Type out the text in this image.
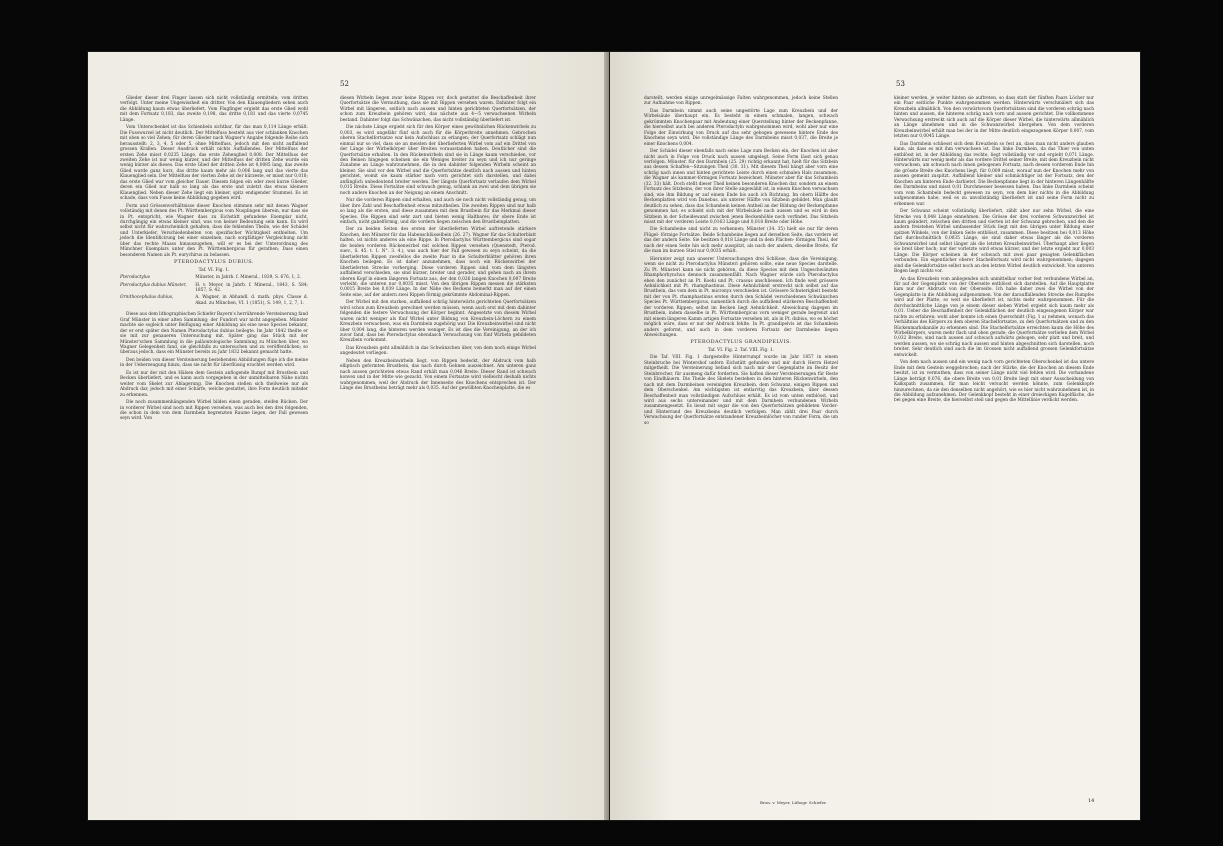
52

Glieder dieser drei Finger lassen sich nicht vollständig ermitteln; vom dritten verfolgt. Unter meine Ungewissheit ein dritter. Von den Klauengliedern sehen auch die Abbildung kaum etwas überliefert. Vom Flugfinger ergiebt das erste Glied wohl mit dem Fortsatz 0,183, das zweite 0,198, das dritte 0,181 und das vierte 0,0745 Länge.

Vom Unterschenkel ist das Schienbein sichtbar, für das man 0,114 Länge erhält. Die Fusswurzel ist nicht deutlich. Der Mittelfuss besteht aus vier schlanken Knochen mit oben so viel Zehen; für deren Glieder nach Wagner's Angabe folgende Reihe sich herausstellt: 2, 3, 4, 5 oder 5, ohne Mittelfuss, jedoch mit den nicht auffallend grossen Krallen. Dieser Ausdruck erhält nichts Auffallendes. Der Mittelfuss der ersten Zehe misst 0,0235 Länge, das erste Zehenglied 0,008. Der Mittelfuss der zweiten Zehe ist nur wenig kürzer, und der Mittelfuss der dritten Zehe wurde ein wenig kürzer als dieses. Das erste Glied der dritten Zehe ist 0,0085 lang, das zweite Glied wurde ganz kurz, das dritte kaum mehr als 0,006 lang und das vierte das Klauenglied sein. Der Mittelfuss der vierten Zehe ist der kürzeste, er misst nur 0,018; das erste Glied war vom gleicher Dauer. Diesem folgen ein oder zwei kurze Glieder, deren ein Glied nur halb so lang als das erste und zuletzt das etwas kleinere Klauenglied. Neben dieser Zehe liegt ein kleiner, spitz endigender Stummel. Es ist schade, dass vom Fusse keine Abbildung gegeben wird.

Form und Grössenverhältnisse dieser Knochen stimmen sehr mit denen Wagner vollständig mit denen des Pt. Württembergicus vom Nusplingen überein, nur dass sie in Pt. entspricht, wie Wagner dass zu Eichstätt gefundene Exemplar nicht, durchgängig ein etwas kleiner sind, was von keiner Bedeutung sein kann. Es wird selbst nicht für wahrscheinlich gehalten, dass die fehlenden Theile, wie der Schädel und Unterkiefer, Verschiedenheiten von spezifischer Wichtigkeit enthielten. Um jedoch die Identificirung bei einer einzelnen, nach sorgfältiger Vergleichung nicht über das rechte Maass hinauszugehen, will er es bei der Unterordnung des Münchner Exemplars unter den Pt. Württembergicus für gerathen; Dass einen besonderen Namen als Pt. eurychirus zu belassen.

PTERODACTYLUS DUBIUS.

Taf. VI. Fig. 1.

Pterodactylus	Münster, in Jahrb. f. Mineral., 1839, S. 676, 1, 2.

Pterodactylus dubius Münster,	H. v. Meyer, in Jahrb. f. Mineral., 1843, S. 584; 1857, S. 42.

Ornithocephalus dubius,	A. Wagner, in Abhandl. d. math. phys. Classe d. Akad. zu München, VI. 1 (1851), S. 149, 1, 2, 7, 1.

Diese aus dem lithographischen Schiefer Bayern's herrührende Versteinerung fand Graf Münster in einer alten Sammlung; der Fundort war nicht angegeben. Münster machte sie sogleich unter Beifügung einer Abbildung als eine neue Species bekannt, der er erst später den Namen Pterodactylus dubius beilegte. Im Jahr 1842 theilte er sie mit zur genaueren Untersuchung mit. Später ging das Stück mit der Münster'schen Sammlung in die paläontologische Sammlung zu München über, wo Wagner Gelegenheit fand, sie gleichfalls zu untersuchen und zu veröffentlichen; so überaus jedoch, dass ein Münster bereits zu Jahr 1832 bekannt gemacht hatte.

Den beiden von dieser Versteinerung bestehenden Abbildungen füge ich die meine in der Ueberzeugung hinzu, dass sie nicht für überflüssig erachtet werden wird.

Es ist nur der mit den Hälsen dem Gestein anflogende Rumpf mit Brustbein und Becken überliefert, und es kann auch vorgegeben in der unmittelbaren Nähe nichts weiter vom Skelet zur Ablagerung. Die Knochen stellen sich theilweise nur als Abdruck dar, jedoch mit einer Schärfe, welche gestattet, ihre Form deutlich mitsder zu erkennen.

Die noch zusammenhängenden Wirbel bilden einen geraden, steifen Rücken. Der in vorderer Wirbel sind noch mit Rippen versehen, was auch bei den drei folgenden, die schon in dem von dem Darmbein begrenzten Raume liegen, der Fall gewesen seyn wird. Von

diesen Wirbeln liegen zwar keine Rippen vor, doch gestattet die Beschaffenheit ihrer Querfortsätze die Vermuthung, dass sie mit Rippen versehen waren. Dahinter folgt ein Wirbel mit längeren, seitlich nach aussen und hinten gerichteten Querfortsätzen, der schon zum Kreuzbein gehören wird, das nächste aus 4—5 verwachsenen Wirbeln bestand. Dahinter folgt das Schwänzchen, das nicht vollständig überliefert ist.

Die nächste Länge ergiebt sich für den Körper eines gewöhnlichen Rückenwirbels zu 0,003, es wird ungefähr fünf sich auch für die Körperbreite annehmen. Gebrochen oberen Stachelfortsatze war kein Aufschluss zu erlangen; der Querfortsatz schlägt nun einmal nur so viel, dass sie an meisten der überlieferten Wirbel vom auf ein Drittel von der Länge der Wirbelkörper über Breiten vorausstanden haben. Deutlicher sind die Querfortsätze erhalten. In den Rückenwirbeln sind sie in Länge kaum verschieden, vor den Beinen hingegen scheinen sie ein Weniges breiter zu seyn und ich nur geringe Zunahme an Länge wahrzunehmen, die in den dahinter folgenden Wirbeln scheint an kleiner. Sie sind vor den Wirbel und die Querfortsätze deutlich nach aussen und hinten gerichtet, womit sie kaum stärker nach vorn gerichtet sich darstellen, und dabei anfänglich unbedeutend breiter werden. Der längste Querfortsatz verlaufen dem Wirbel 0,015 Breite. Diese Fortsätze sind schwach genug, schlank an zwei und dem übrigen sie noch andere Knochen an der Neigung an einem Anschnitt.

Nur die vorderen Rippen sind erhalten, und auch sie noch nicht vollständig genug, um über ihre Zahl und Beschaffenheit etwas mitzutheilen. Die zweiten Rippen sind nur halb so lang als die ersten, und diese zusammen mit dem Brustbein für das Merkmal dieser Species. Die Rippen sind sehr zart und bieten wenig Haltbares; ihr obere Ende ist einfach, nicht gabelförmig, und die vordern liegen zwischen den Brustbeinplatten.

Der zu beiden Seiten des ersten der überlieferten Wirbel auftretende stärkere Knochen, den Münster für das Habenschlüsselbein (26. 27). Wagner für das Schulterblatt halten, ist nichts anderes als eine Rippe. In Pterodactylus Württembergicus sind sogar die beiden vorderen Rückenwirbel mit solchen Rippen versehen (Quenstedt, Pterod. suev., S. 45. t. 1. N°. 3. 4.), was auch hier der Fall gewesen zu seyn scheint, da die überlieferten Rippen zweifellos die zweite Paar in die Schulterblätter gehören ihren Knochen beilegen. Es ist daher anzunehmen, dass noch ein Rückenwirbel der überlieferten Strecke vorherging. Diese vorderen Rippen sind vom dem längsten auffallend verschieden, sie sind kürzer, breiter und gerader, und gehen nach an ihrem oberen Kopf in einem längeren Fortsatz aus, der den 0,026 langen Knochen 0,007 Breite verleiht; die unteren nur 0,0035 misst. Von den übrigen Rippen messen die stärksten 0,0015 Breite bei 0,039 Länge. In der Nähe des Beckens bemerkt man auf der einen Seite eine, auf der andern zwei Rippen förmig gekrümmte Abdominal-Rippen.

Der Wirbel mit den starken, auffallend schräg hinterwärts gerichteten Querfortsätzen wird schon zum Kreuzbein gerechnet werden müssen, wenn auch erst mit dem dahinter folgenden die festere Verwachsung der Körper beginnt. Angesetzte von diesem Wirbel waren nicht weniger als fünf Wirbel unter Bildung von Kreuzbein-Löchern zu einem Kreuzbein verwachsen, was ein Darmbein zugehörig war. Die Kreuzbeinwirbel sind nicht über 0,004 lang, die hinteren werden weniger. Es ist dies die Vereinigung, an der ich zuvor fand, dass bei Pterodactylus ebendasch Verwachsung von fünf Wirbeln gebildeten Kreuzbein vorkommt.

Das Kreuzbein geht allmählich in das Schwänzchen über, von dem noch einige Wirbel angedeutet vorliegen.

Neben den Kreuzbeinwirbeln liegt, von Rippen bedeckt, der Abdruck vom halb elliptisch geformten Brustbein, das nach durch Gehnen auszeichnet. Am unteren ganz nach aussen gerichteten etwas Rand erhält man 0,046 Breite. Dieser Rand ist schwach konvex und in der Mitte wie gezackt. Von einem Fortsatze wird vielleicht deshalb nichts wahrgenommen, weil der Abdruck der Innenseite des Knochens entsprechen ist. Der Länge des Brustbeins beträgt mehr als 0,035. Auf der gewölbten Knochenplatte, die es

53

darstellt, werden einige unregelmässige Falten wahrgenommen, jedoch keine Stellen zur Aufnahme von Rippen.

Das Darmbein nimmt auch seine ungestörte Lage zum Kreuzbein und der Wirbelsäule überhaupt ein. Es besteht in einem schmalen, langen, schwach gekrümmten Knochenpaar mit Andeutung einer Querstellung hinter der Beckenpfanne, die hierselbst auch bei anderen Pterodactyln wahrgenommen wird, wohl aber nur eine Folge der Einwirkung von Druck auf das sehr gebogen gewesene hintere Ende des Knochens seyn wird. Die vollständige Länge des Darmbeins misst 0,037, die Breite je einer Knochens 0,004.

Der Schädel dieser ebenfalls nach seine Lage zum Becken ein, der Knochen ist aber nicht auch in Folge von Druck nach aussen umgelegt. Seine Form lässt sich genau verfolgen. Münster, für den Darmbein (25. 29) richtig erkannt hat, hielt für das Sitzbein aus dessen Schaffen—Sitzungen Theil (30. 31). Mit diesem Theil hängt aber vorn eine schräg nach innen und hinten gerichtete Leiste durch einen schmalen Hals zusammen, die Wagner als kammer-förmigen Fortsatz bezeichnet. Münster aber für das Schambein (32. 33) hält. Doch stellt dieser Theil keinen besonderen Knochen dar, sondern an einem Fortsatz des Sitzbeins, der von ihrer Stelle angewählt ist, in einem Knochen verwachsen sind; wie ihm Bildung er auf einem Ende bis auch ich Richtung. Im obern Hälfte des Beckenplatten wird von Danebus, als unterer Hälfte von Sitzbein gebildet. Man glaubt deutlich zu sehen, dass das Schambein keinen Antheil an der Bildung der Beckenpfanne genommen hat; es schiebt sich mit der Wirbelsäule nach aussen und es wird in den Sitzbein in der Scheidewand zwischen jenen Beckenhöhle noch vorfindet. Das Sitzbein misst mit der vorderen Leiste 0,0163 Länge und 0,018 Breite oder Höhe.

Die Schambeine sind nicht zu verkennen; Münster (34. 35) hielt sie nur für deren Flügel- förmige Fortsätze. Beide Schambeine liegen auf derselben Seite, das vordere ist das der andern Seite. Sie besitzen 0,018 Länge und in dem Flächen- förmigen Theil, der nach der einen Seite hin sich mehr ausspitzt, als nach der andern, dieselbe Breite, für die man im kurzen Stiel nur 0,0035 erhält.

Hierunter zeigt nun unserer Untersuchungen drei Schlüsse, dass die Vereinigung, wenn sie nicht zu Pterodactylus Münsteri gehören sollte, eine neue Species darstelle. Zu Pt. Münsteri kann sie nicht gehören, da diese Species mit dem Ungeschwänzten Rhamphorhynchus dennoch zusammenfällt. Nach Wagner würde sich Pterodactylus eben den zunächst an Pt. Koehi und Pt. crassus anschliessen. Ich finde weit grössere Aehnlichkeit mit Pt. rhamphastinus. Diese Aehnlichkeit erstreckt sich selbst auf das Brustbein, das vom dem in Pt. micronyx verschieden ist. Grössere Schwierigkeit besteht mit der von Pt. rhamphastinus ersten durch den Schädel verschiedenen Schwänzchen Species Pt. Württembergicus, namentlich durch die auffallend stärkeren Beschaffenheit der vorderen Rippen; selbst im Becken liegt Aehnlichkeit. Abweichung dagegen im Brustbein, indem dasselbe in Pt. Württembergicus vorn weniger gerade begrenzt und mit einem längeren Kamm artigen Fortsatze versehen ist, als in Pt. dubius, wo es höchst möglich wäre, dass er nur der Abdruck fehlte. In Pt. grandipelvis ist das Schambein anders geformt, und auch in dem vorderen Fortsatz der Darmbeine liegen Abweichungen.

PTERODACTYLUS GRANDIPELVIS.

Taf. VI. Fig. 2. Taf. VIII. Fig. 1.

Die Taf. VIII. Fig. 1 dargestellte Hinterrumpf wurde im Jahr 1857 in einem Steinbruche bei Wintershof unfern Eichstätt gefunden und mir durch Herrn Hetzel mitgetheilt. Die Versteinerung befand sich nach mir der Gegenplatte im Besitz der Steinbrecher, für ausmeng dafür forderten. Sie haften dieser Versteinerungen für Reste von Eindhäuern. Die Theile des Skelets bestehen in den hinteren Rückenwirbeln, den nach mit dem Darmbeinen vereinigten Kreuzbein, dem Schwanz, einigen Rippen und dem Oberschenkel. Am wichtigsten ist entlarvtig das Kreuzbein, über dessen Beschaffenheit man vollständigen Aufschluss erhält. Es ist vom unten entblösst, und wird aus sechs untereinander und mit dem Darmbein verbundenen Wirbeln zusammengesetzt. Es liesst mit sogar die von den Querfortsätzen gebildeten Vorder- und Hinterrand des Kreuzbeins deutlich verfolgen. Man zählt drei Paar durch Verwachsung der Querfortsätze entstandener Kreuzbeinlöcher von runder Form, die um so

kleiner werden, je weiter hinten sie auftreten, so dass statt der fünften Paars Löcher nur ein Paar seitliche Punkte wahrgenommen werden. Hinterwärts verschmälert sich das Kreuzbein allmählich. Von den vorwärtsvorn Querfortsätzen sind die vorderen schräg nach hinten und aussen, die hinteren schräg nach vorn und aussen gerichtet. Die vollkommene Verwachsung erstreckt sich auch auf die Körper dieser Wirbel, die hinterwärts allmählich an Länge abnehmen und in die Schwanzwirbel übergehen. Von dem vorderen Kreuzbeinwirbel erhält man bei der in der Mitte deutlich eingezogenen Körper 0,007, vom letzten nur 0,0045 Länge.

Das Darmbein schliesst sich dem Kreuzbein so fest an, dass man nicht anders glauben kann, als dass es mit ihm verwachsen ist. Das linke Darmbein, da das Thier von unten entblösst ist, in der Abbildung das rechte, liegt vollständig vor und ergiebt 0,071 Länge. Hinterwärts nur wenig mehr als das vordere Drittel seiner Breite, mit dem Kreuzbein nicht verwachsen, am schwach nach innen gebogenen Fortsatz, nach dessen vorderem Ende hin die grösste Breite des Knochens liegt, für 0,009 misst, worauf nun der Knochen mehr von aussen gemeint zuspitzt. Auffallend kleiner und schmächtiger ist der Fortsatz, den der Knochen am hinteren Ende darbietet. Die Beckenpfanne liegt in der hinteren Längenhälfte des Darmbeins und misst 0,01 Durchmesser besessen haben. Das linke Darmbein scheint vom vom Schambein bedeckt gewesen zu seyn, von dem hier nichts in die Abbildung aufgenommen habe, weil es zu unvollständig überliefert ist und seine Form nicht zu erkennen war.

Der Schwanz scheint vollständig überliefert, zählt aber nur zehn Wirbel, die eine Strecke von 0,048 Länge einnehmen. Die Grösse der drei vorderen Schwanzwirbel ist kaum geändert, zwischen den dritten und vierten ist der Schwanz gebrochen, und den die andern freistehen Wirbel umfassender Stück liegt mit den übrigen unter Bildung einer spitzen Winkels, von der linken Seite entblösst, zusammen. Diese besitzen bei 0,013 Höhe fast durchschnittlich 0,0035 Länge, sie sind daher etwas länger als die vorderen Schwanzwirbel und selbst länger als die letzten Kreuzbeinwirbel. Überhaupt aber liegen sie breit über hoch; nur der vorletzte wird etwas kürzer, und der letzte ergiebt nur 0,003 Länge. Die Körper scheinen in der schwach mit zwei paar gesagten Gelenkflächen verbunden. Ein eigentlicher oberer Stachelfortsatz wird nicht wahrgenommen; dagegen sind die Gelenkfortsätze selbst noch an den letzten Wirbel deutlich entwickelt. Von unteren Bogen liegt nichts vor.

An das Kreuzbein vom anliegenden sich unmittelbar vorher fest verbundene Wirbel an, für auf der Gegenplatte von der Oberseite entblösst sich darstellen. Auf die Hauptplatte kam nur der Abdruck von der Oberseite. Ich habe daher zwei die Wirbel von der Gegenplatte in die Abbildung aufgenommen. Von der darauffallenden Strecke des Rumpfes wird auf der Platte, so weit sie überliefert ist, nichts mehr wahrgenommen. Für die durchschnittliche Länge von je einem dieser sieben Wirbel ergiebt sich kaum mehr als 0,01. Ueber die Beschaffenheit der Gelenkflächen der deutlich eingezogenen Körper war nichts zu erfahren; wohl aber konnte ich einen Querschnitt (Fig. 1 a) nehmen, wonach das Verhältniss des Körpers zu dem oberen Stachelfortsatze, zu den Querfortsätzen und zu den Rückenmarkskanäle zu erkennen sind. Die Stachelfortsätze erreichten kaum die Höhe des Wirbelkörpers, waren mehr flach und oben gerade; die Querfortsätze verliefen dem Wirbel 0,032 Breite, sind nach aussen auf schwach aufwärts gebogen, sehr platt und breit, und werden aussen, wo sie schräg nach aussen und hinten abgeschnitten sich darstellen, noch breiter. Sehr deutlich sind auch die im Grossen nicht auffallend grossen Gelenkfortsätze entwickelt.

Von dem nach aussen und ein wenig nach vorn gerichteten Oberschenkel ist das untere Ende mit dem Gestein weggebrochen; nach der Stärke, die der Knochen an diesem Ende besitzt, ist zu vermuthen, dass von seiner Länge nicht viel fehlen wird. Die vorhandene Länge beträgt 0,076, die obere Breite von 0,01 Breite liegt mit einer Ausscheidung von Kalkspath zusammen, für man leicht versucht werden könnte, zum Gelenkkopfe hinzurechnen, da sie den denselben nicht angehört, wie es hier nicht wahrzunehmen ist, in die Abbildung aufzunehmen. Der Gelenkkopf besteht in einer dreieckigen Kugelfläche, die bei gegen eine Breite, die hierselbst steil und gegen die Mittellinie verdickt werden.

Bron. v. Meyer, Lithogr. Schiefer.	14
